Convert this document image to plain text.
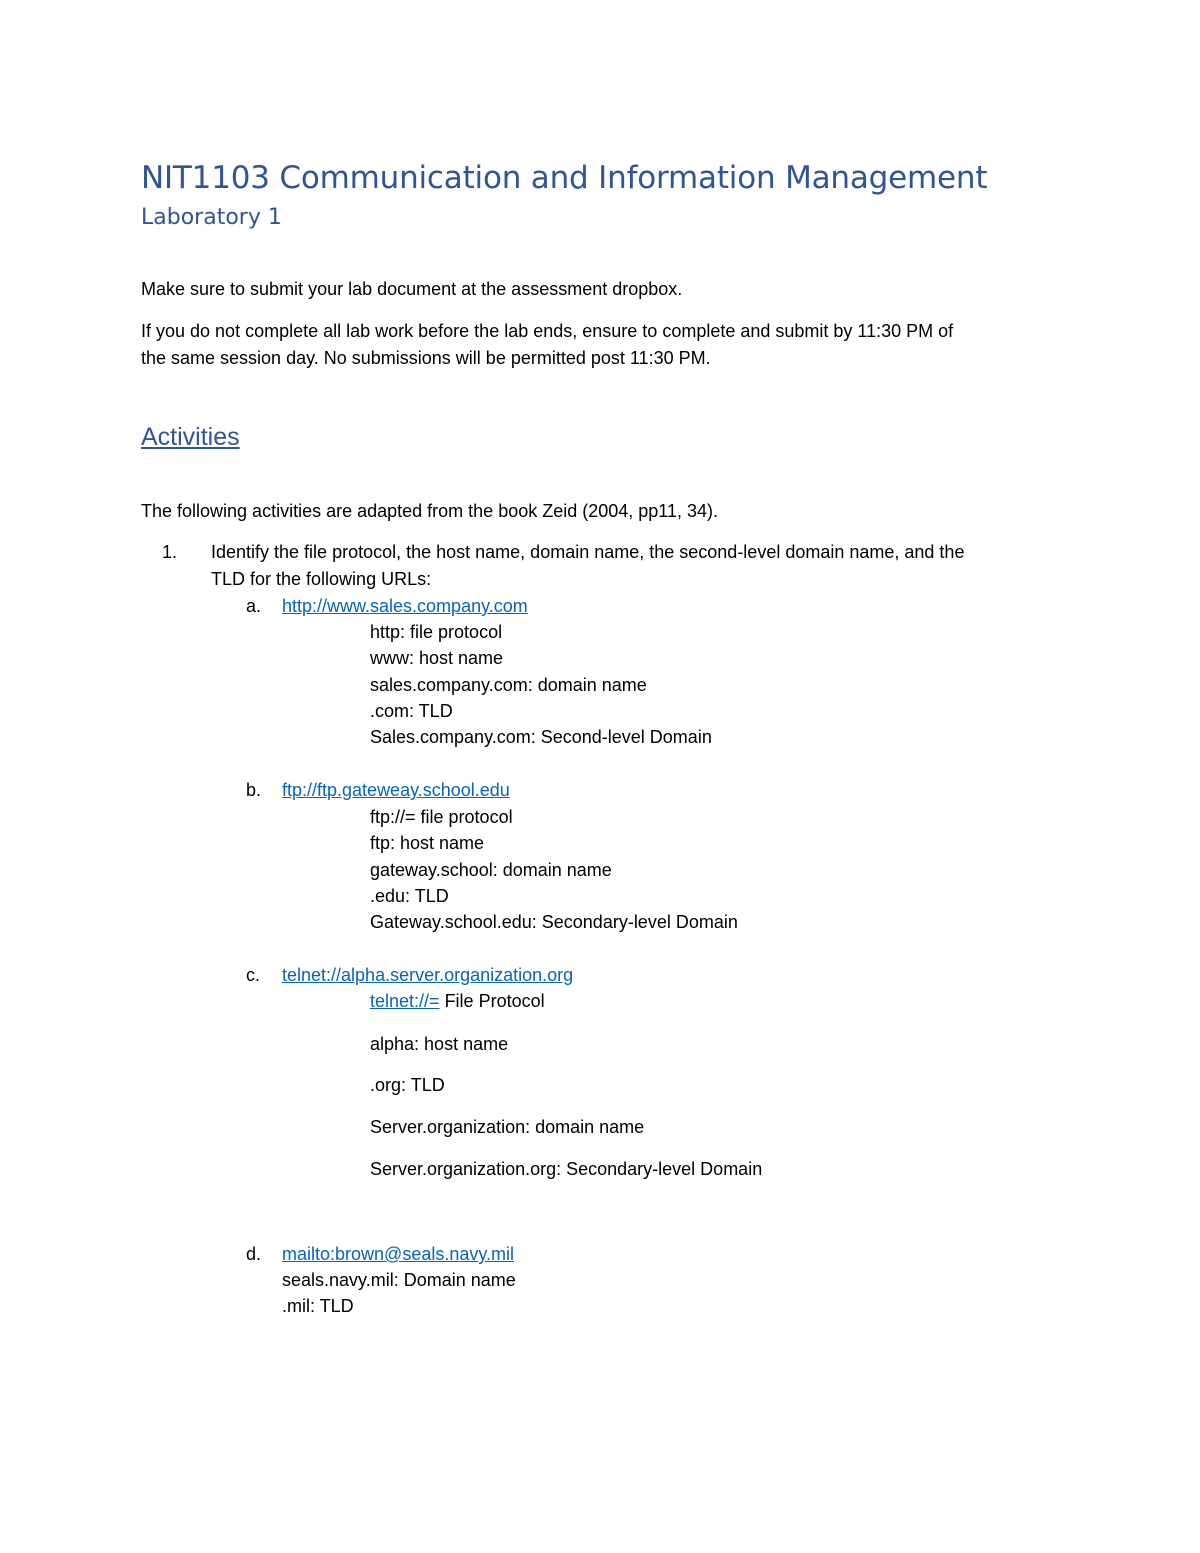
NIT1103 Communication and Information Management
Laboratory 1
Make sure to submit your lab document at the assessment dropbox.
If you do not complete all lab work before the lab ends, ensure to complete and submit by 11:30 PM of
the same session day. No submissions will be permitted post 11:30 PM.
Activities
The following activities are adapted from the book Zeid (2004, pp11, 34).
1. Identify the file protocol, the host name, domain name, the second-level domain name, and the
TLD for the following URLs:
a. http://www.sales.company.com
http: file protocol
www: host name
sales.company.com: domain name
.com: TLD
Sales.company.com: Second-level Domain
b. ftp://ftp.gateweay.school.edu
ftp://= file protocol
ftp: host name
gateway.school: domain name
.edu: TLD
Gateway.school.edu: Secondary-level Domain
c. telnet://alpha.server.organization.org
telnet://= File Protocol
alpha: host name
.org: TLD
Server.organization: domain name
Server.organization.org: Secondary-level Domain
d. mailto:brown@seals.navy.mil
seals.navy.mil: Domain name
.mil: TLD
